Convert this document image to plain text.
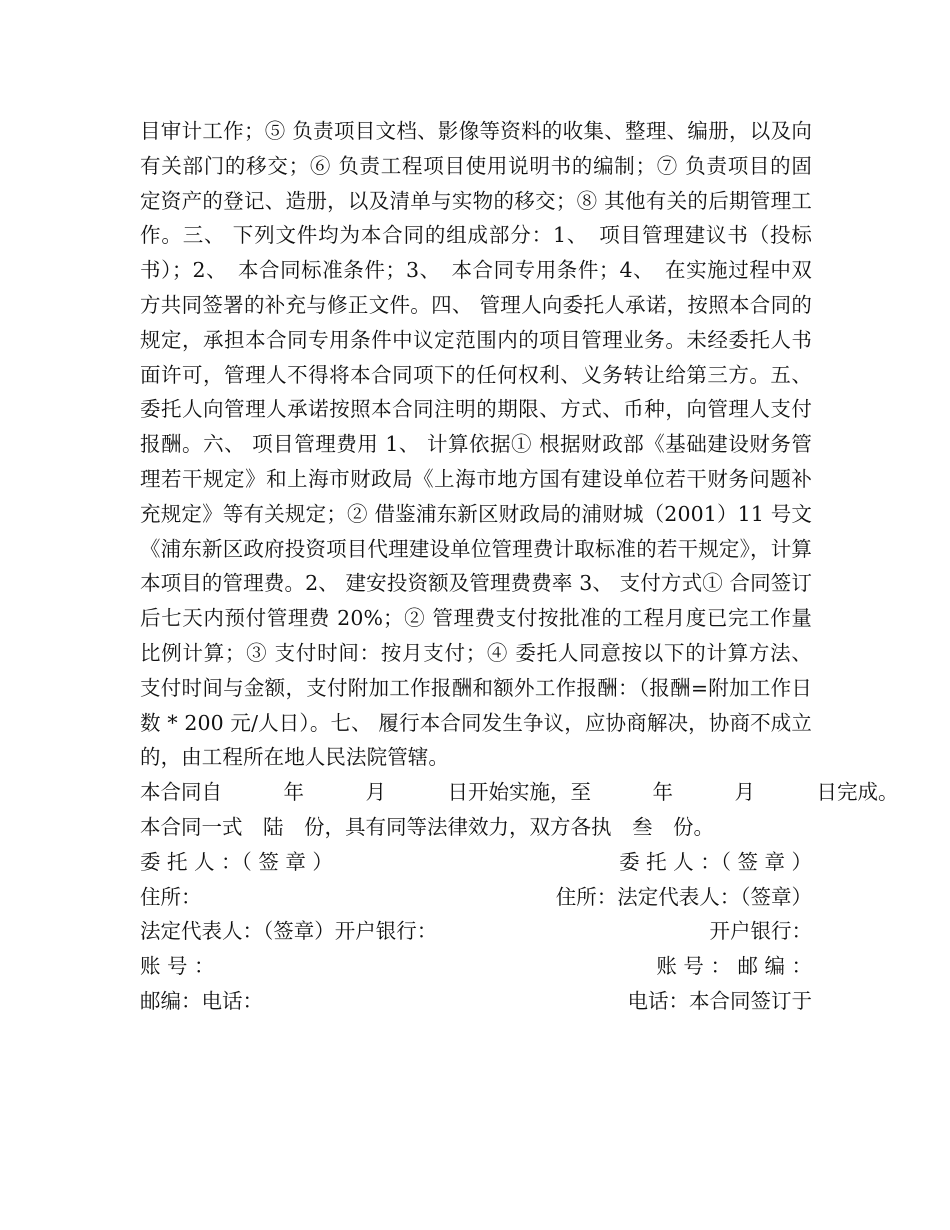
目审计工作；⑤ 负责项目文档、影像等资料的收集、整理、编册，以及向有关部门的移交；⑥ 负责工程项目使用说明书的编制；⑦ 负责项目的固定资产的登记、造册，以及清单与实物的移交；⑧ 其他有关的后期管理工作。三、 下列文件均为本合同的组成部分：1、　项目管理建议书（投标书）；2、　本合同标准条件；3、　本合同专用条件；4、　在实施过程中双方共同签署的补充与修正文件。四、 管理人向委托人承诺，按照本合同的规定，承担本合同专用条件中议定范围内的项目管理业务。未经委托人书面许可，管理人不得将本合同项下的任何权利、义务转让给第三方。五、 委托人向管理人承诺按照本合同注明的期限、方式、币种，向管理人支付报酬。六、 项目管理费用 1、 计算依据① 根据财政部《基础建设财务管理若干规定》和上海市财政局《上海市地方国有建设单位若干财务问题补充规定》等有关规定；② 借鉴浦东新区财政局的浦财城（2001）11 号文《浦东新区政府投资项目代理建设单位管理费计取标准的若干规定》，计算本项目的管理费。2、 建安投资额及管理费费率 3、 支付方式① 合同签订后七天内预付管理费 20%；② 管理费支付按批准的工程月度已完工作量比例计算；③ 支付时间：按月支付；④ 委托人同意按以下的计算方法、支付时间与金额，支付附加工作报酬和额外工作报酬：（报酬=附加工作日数 * 200 元/人日）。七、 履行本合同发生争议，应协商解决，协商不成立的，由工程所在地人民法院管辖。

本合同自　　　年　　　月　　　日开始实施，至　　　年　　　月　　　日完成。

本合同一式　陆　份，具有同等法律效力，双方各执　叁　份。

委 托 人 ：（ 签 章 ）	委 托 人 ：（ 签 章 ）
住所：	住所：法定代表人：（签章）
法定代表人：（签章）开户银行：	开户银行：
账 号 ：	账 号 ： 邮 编 ：
邮编：电话：	电话：本合同签订于
